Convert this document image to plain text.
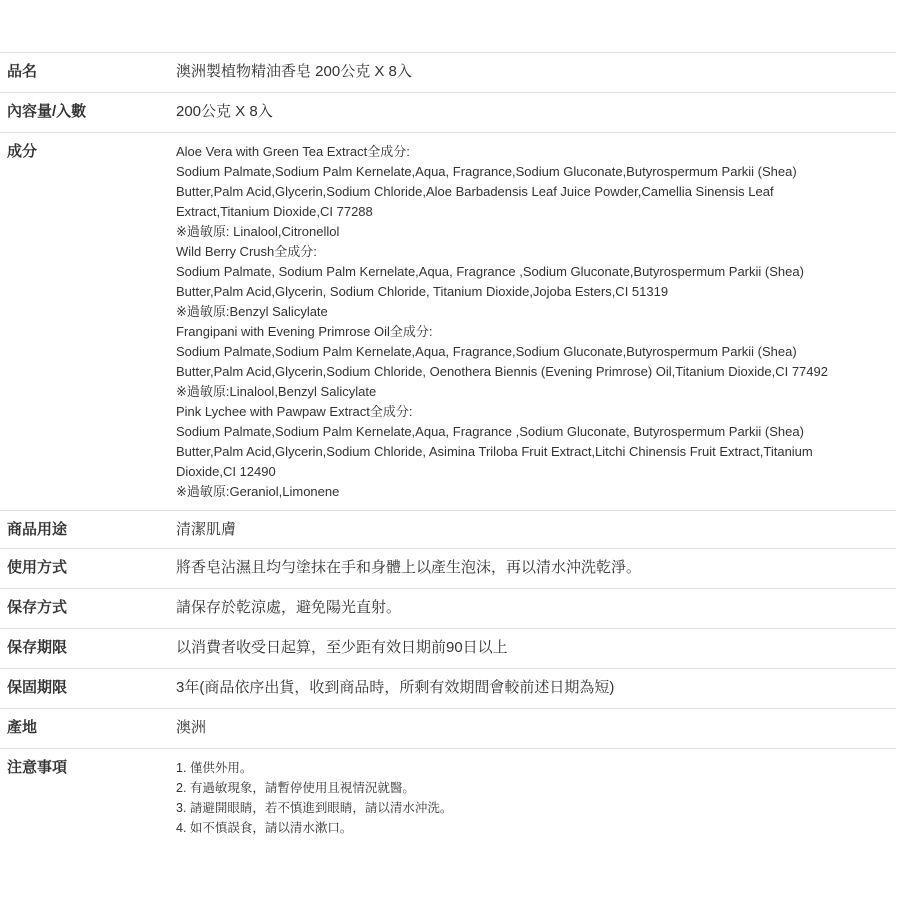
品名	澳洲製植物精油香皂 200公克 X 8入
內容量/入數	200公克 X 8入
成分	Aloe Vera with Green Tea Extract全成分:
Sodium Palmate,Sodium Palm Kernelate,Aqua, Fragrance,Sodium Gluconate,Butyrospermum Parkii (Shea)
Butter,Palm Acid,Glycerin,Sodium Chloride,Aloe Barbadensis Leaf Juice Powder,Camellia Sinensis Leaf
Extract,Titanium Dioxide,CI 77288
※過敏原: Linalool,Citronellol
Wild Berry Crush全成分:
Sodium Palmate, Sodium Palm Kernelate,Aqua, Fragrance ,Sodium Gluconate,Butyrospermum Parkii (Shea)
Butter,Palm Acid,Glycerin, Sodium Chloride, Titanium Dioxide,Jojoba Esters,CI 51319
※過敏原:Benzyl Salicylate
Frangipani with Evening Primrose Oil全成分:
Sodium Palmate,Sodium Palm Kernelate,Aqua, Fragrance,Sodium Gluconate,Butyrospermum Parkii (Shea)
Butter,Palm Acid,Glycerin,Sodium Chloride, Oenothera Biennis (Evening Primrose) Oil,Titanium Dioxide,CI 77492
※過敏原:Linalool,Benzyl Salicylate
Pink Lychee with Pawpaw Extract全成分:
Sodium Palmate,Sodium Palm Kernelate,Aqua, Fragrance ,Sodium Gluconate, Butyrospermum Parkii (Shea)
Butter,Palm Acid,Glycerin,Sodium Chloride, Asimina Triloba Fruit Extract,Litchi Chinensis Fruit Extract,Titanium
Dioxide,CI 12490
※過敏原:Geraniol,Limonene
商品用途	清潔肌膚
使用方式	將香皂沾濕且均勻塗抹在手和身體上以產生泡沫，再以清水沖洗乾淨。
保存方式	請保存於乾涼處，避免陽光直射。
保存期限	以消費者收受日起算，至少距有效日期前90日以上
保固期限	3年(商品依序出貨，收到商品時，所剩有效期間會較前述日期為短)
產地	澳洲
注意事項	1. 僅供外用。
2. 有過敏現象，請暫停使用且視情況就醫。
3. 請避開眼睛，若不慎進到眼睛，請以清水沖洗。
4. 如不慎誤食，請以清水漱口。
